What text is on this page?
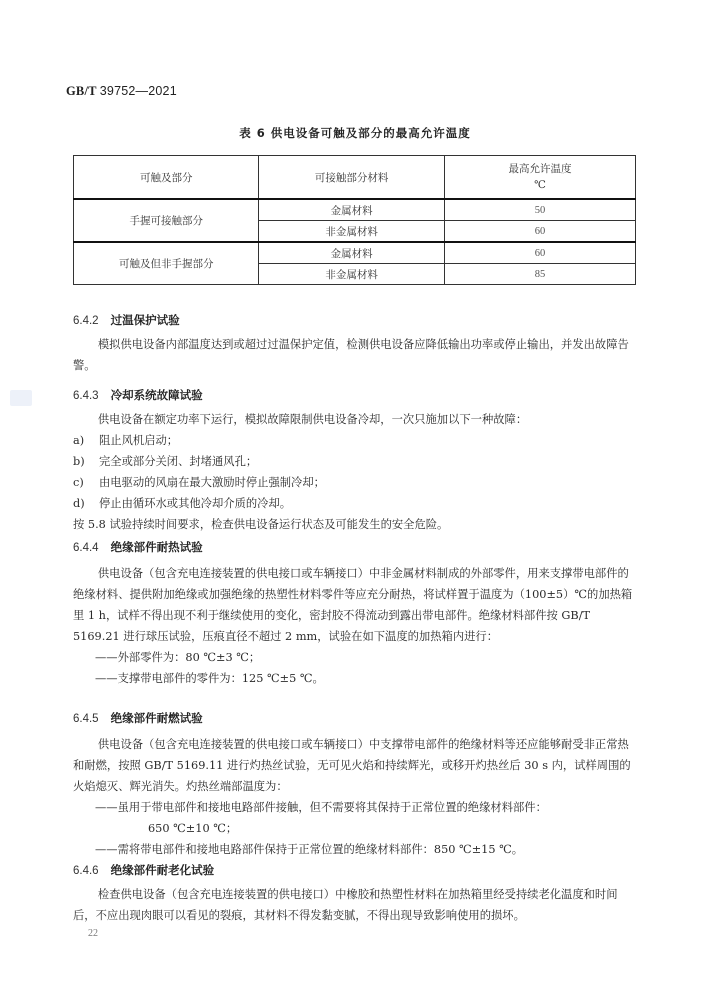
GB/T 39752—2021
表 6 供电设备可触及部分的最高允许温度
可触及部分	可接触部分材料	最高允许温度
℃

手握可接触部分	金属材料	50
	非金属材料	60
可触及但非手握部分	金属材料	60
	非金属材料	85
6.4.2 过温保护试验

模拟供电设备内部温度达到或超过过温保护定值，检测供电设备应降低输出功率或停止输出，并发出故障告警。

6.4.3 冷却系统故障试验

供电设备在额定功率下运行，模拟故障限制供电设备冷却，一次只施加以下一种故障：

a)	阻止风机启动；
b)	完全或部分关闭、封堵通风孔；
c)	由电驱动的风扇在最大激励时停止强制冷却；
d)	停止由循环水或其他冷却介质的冷却。

按 5.8 试验持续时间要求，检查供电设备运行状态及可能发生的安全危险。

6.4.4 绝缘部件耐热试验

供电设备（包含充电连接装置的供电接口或车辆接口）中非金属材料制成的外部零件，用来支撑带电部件的绝缘材料、提供附加绝缘或加强绝缘的热塑性材料零件等应充分耐热，将试样置于温度为（100±5）℃的加热箱里 1 h，试样不得出现不利于继续使用的变化，密封胶不得流动到露出带电部件。绝缘材料部件按 GB/T 5169.21 进行球压试验，压痕直径不超过 2 mm，试验在如下温度的加热箱内进行：

——外部零件为：80 ℃±3 ℃；

——支撑带电部件的零件为：125 ℃±5 ℃。

6.4.5 绝缘部件耐燃试验

供电设备（包含充电连接装置的供电接口或车辆接口）中支撑带电部件的绝缘材料等还应能够耐受非正常热和耐燃，按照 GB/T 5169.11 进行灼热丝试验，无可见火焰和持续辉光，或移开灼热丝后 30 s 内，试样周围的火焰熄灭、辉光消失。灼热丝端部温度为：

——虽用于带电部件和接地电路部件接触，但不需要将其保持于正常位置的绝缘材料部件：

650 ℃±10 ℃；

——需将带电部件和接地电路部件保持于正常位置的绝缘材料部件：850 ℃±15 ℃。

6.4.6 绝缘部件耐老化试验

检查供电设备（包含充电连接装置的供电接口）中橡胶和热塑性材料在加热箱里经受持续老化温度和时间后，不应出现肉眼可以看见的裂痕，其材料不得发黏变腻，不得出现导致影响使用的损坏。

22
